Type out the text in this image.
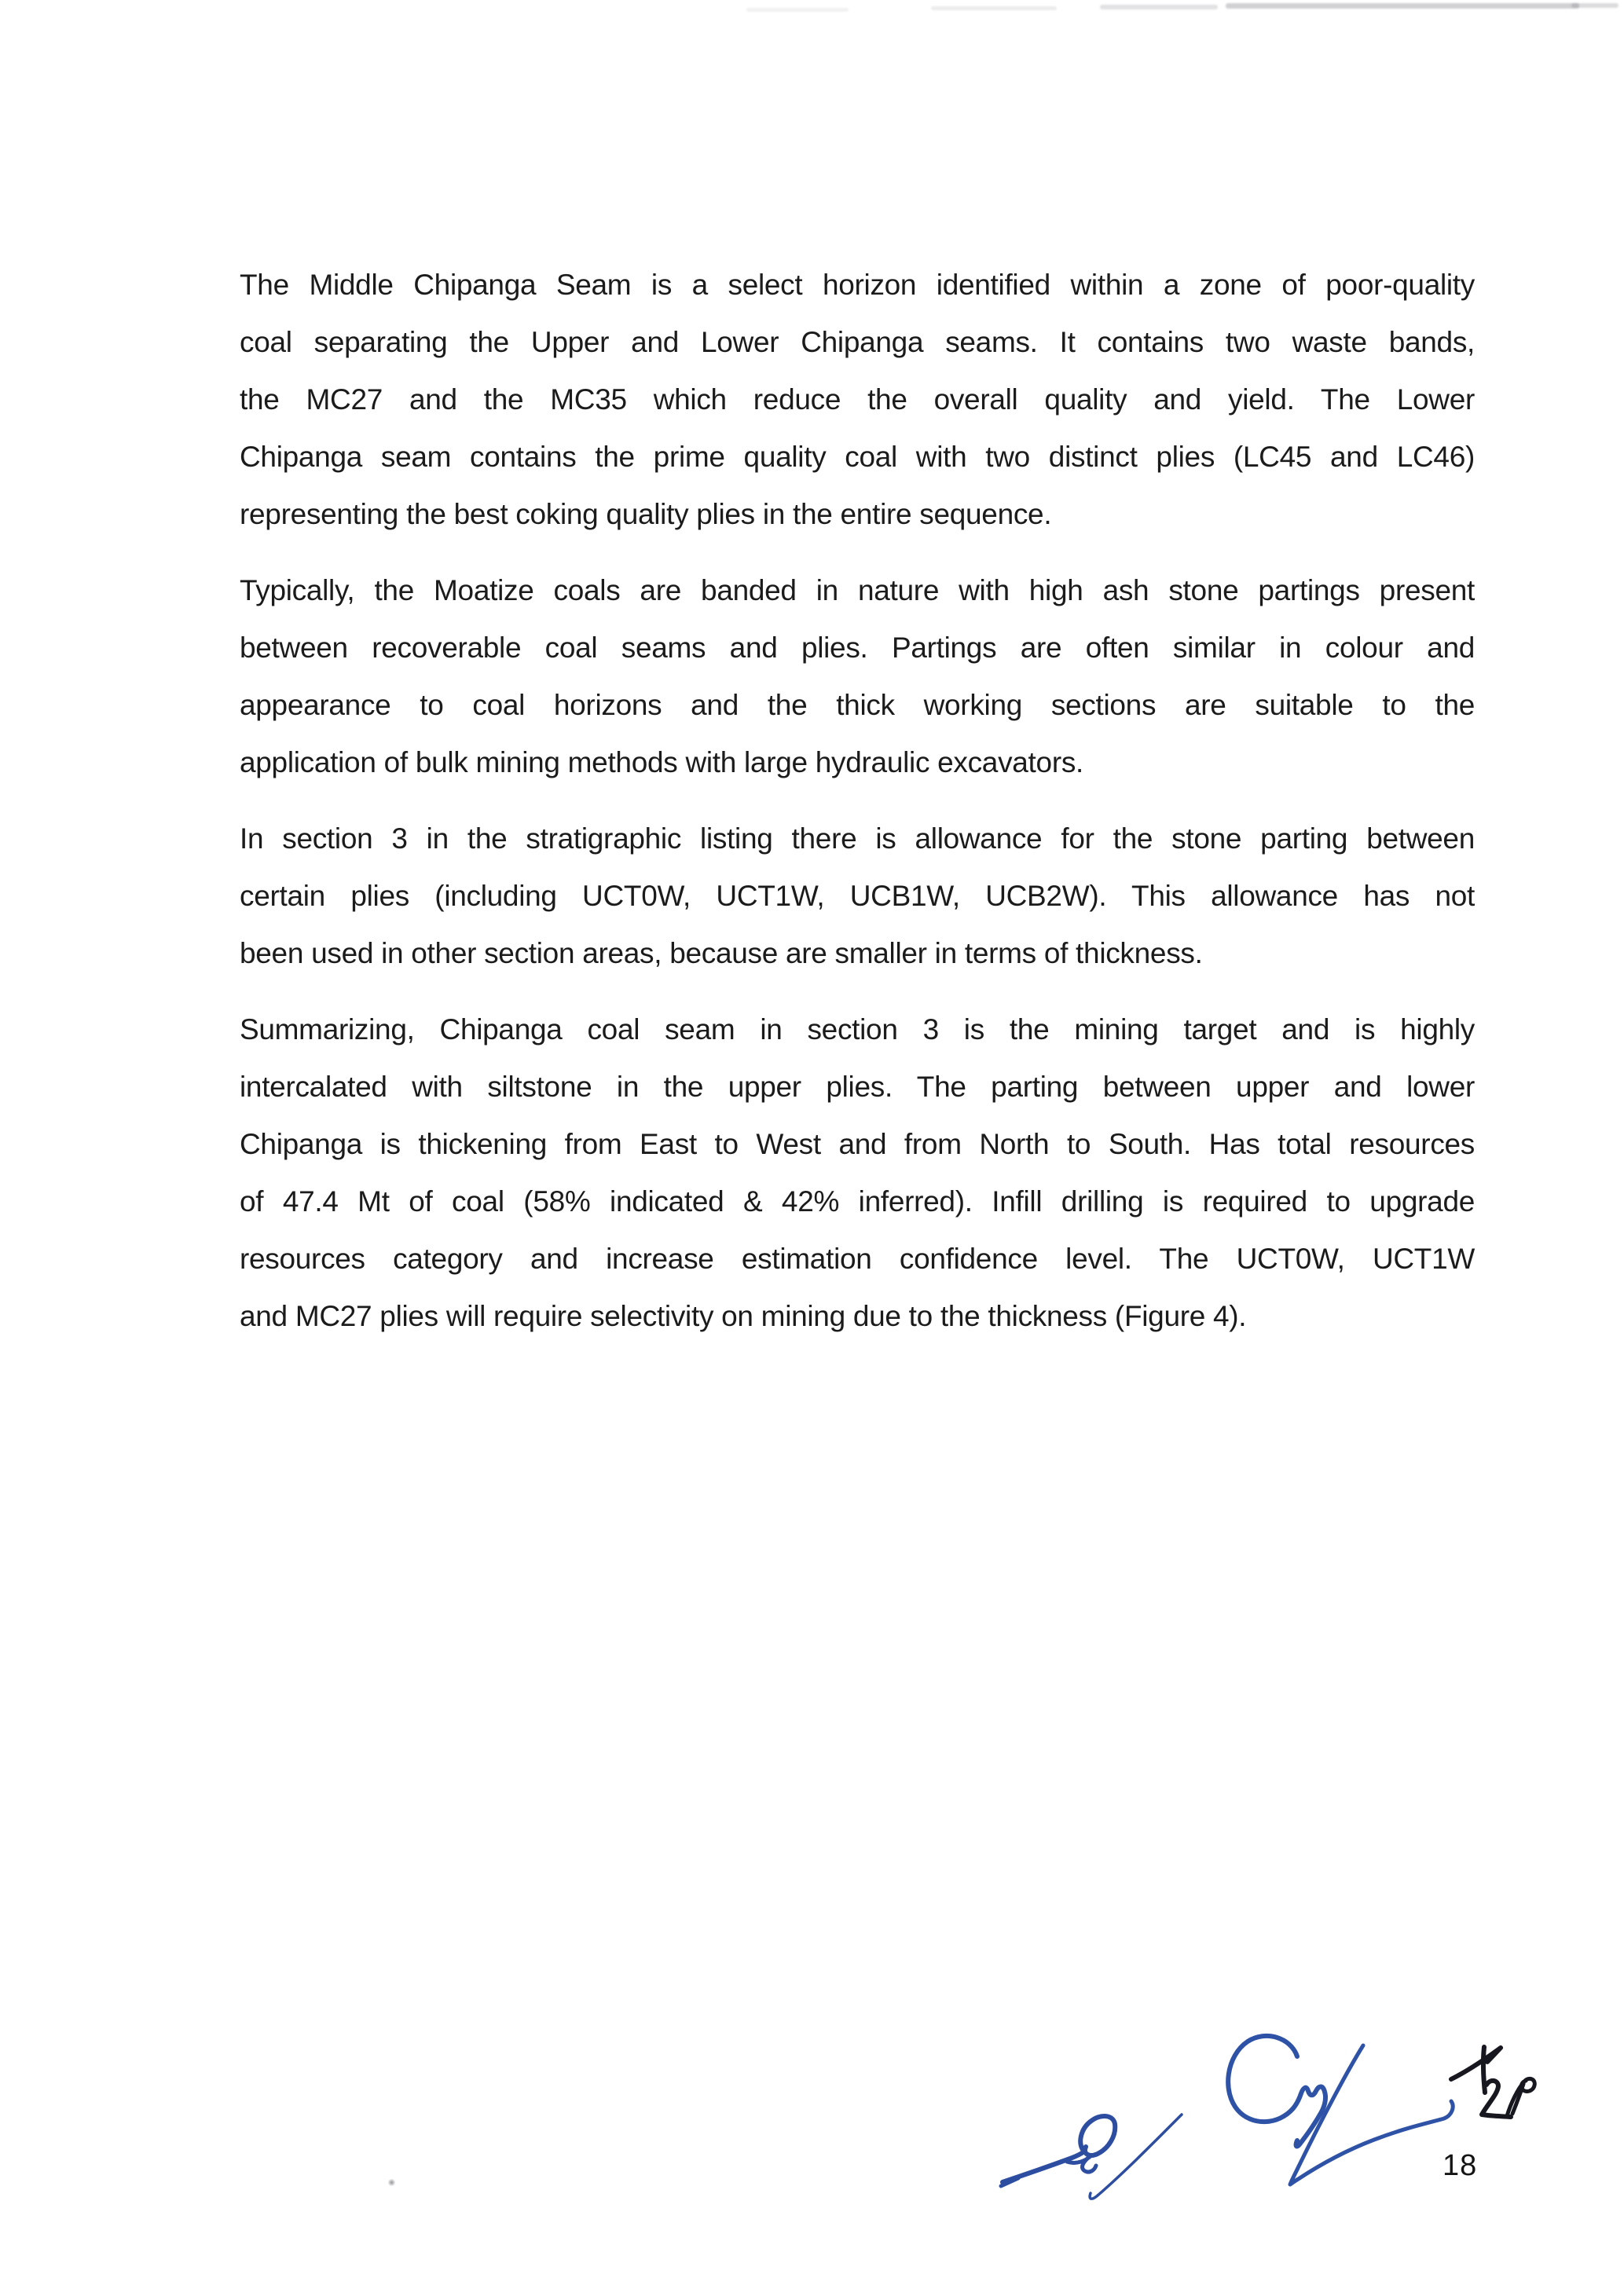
The Middle Chipanga Seam is a select horizon identified within a zone of poor-quality
coal separating the Upper and Lower Chipanga seams. It contains two waste bands,
the MC27 and the MC35 which reduce the overall quality and yield. The Lower
Chipanga seam contains the prime quality coal with two distinct plies (LC45 and LC46)
representing the best coking quality plies in the entire sequence.

Typically, the Moatize coals are banded in nature with high ash stone partings present
between recoverable coal seams and plies. Partings are often similar in colour and
appearance to coal horizons and the thick working sections are suitable to the
application of bulk mining methods with large hydraulic excavators.

In section 3 in the stratigraphic listing there is allowance for the stone parting between
certain plies (including UCT0W, UCT1W, UCB1W, UCB2W). This allowance has not
been used in other section areas, because are smaller in terms of thickness.

Summarizing, Chipanga coal seam in section 3 is the mining target and is highly
intercalated with siltstone in the upper plies. The parting between upper and lower
Chipanga is thickening from East to West and from North to South. Has total resources
of 47.4 Mt of coal (58% indicated & 42% inferred). Infill drilling is required to upgrade
resources category and increase estimation confidence level. The UCT0W, UCT1W
and MC27 plies will require selectivity on mining due to the thickness (Figure 4).

18
